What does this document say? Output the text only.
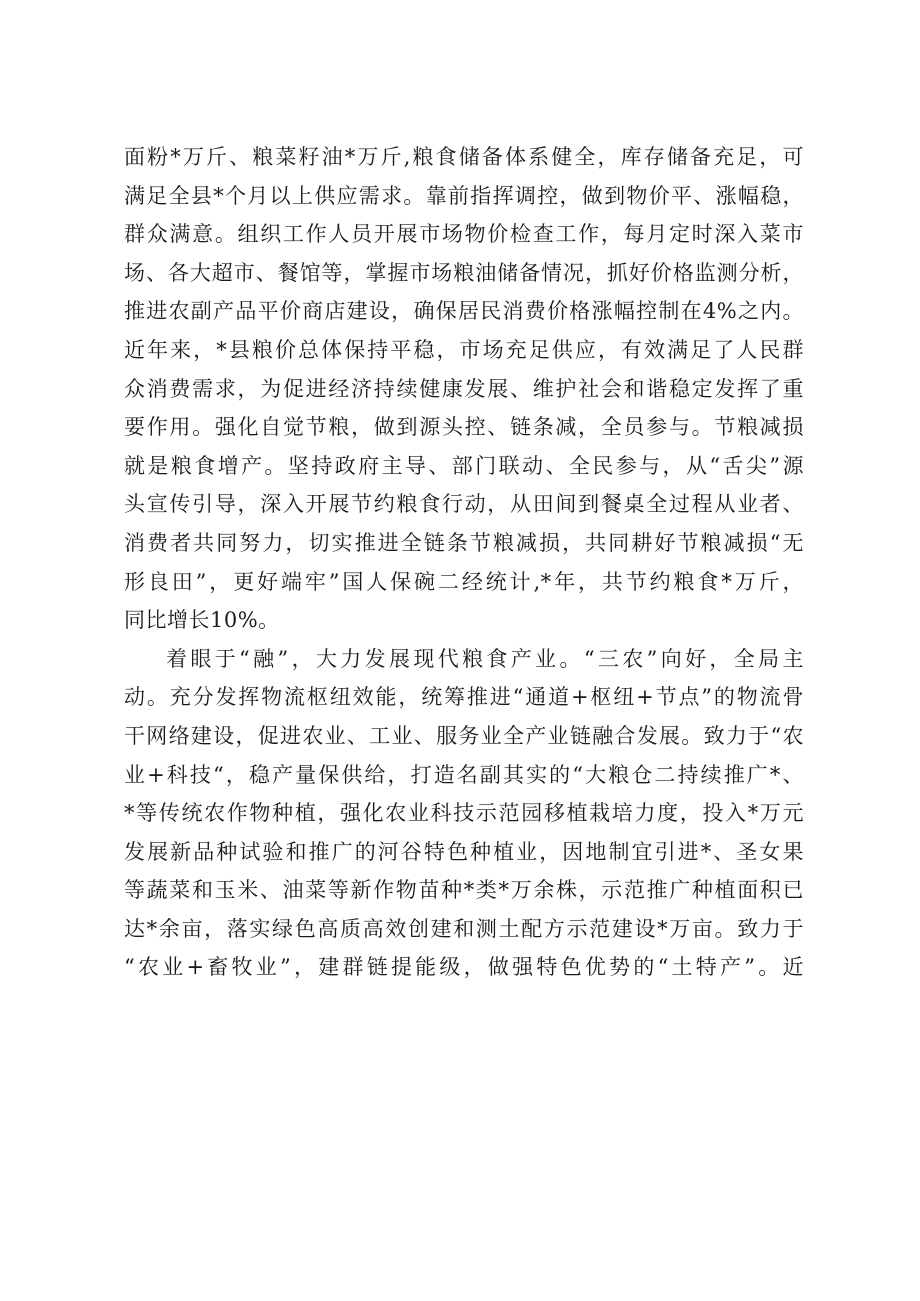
面粉*万斤、粮菜籽油*万斤,粮食储备体系健全，库存储备充足，可
满足全县*个月以上供应需求。靠前指挥调控，做到物价平、涨幅稳，
群众满意。组织工作人员开展市场物价检查工作，每月定时深入菜市
场、各大超市、餐馆等，掌握市场粮油储备情况，抓好价格监测分析，
推进农副产品平价商店建设，确保居民消费价格涨幅控制在4%之内。
近年来，*县粮价总体保持平稳，市场充足供应，有效满足了人民群
众消费需求，为促进经济持续健康发展、维护社会和谐稳定发挥了重
要作用。强化自觉节粮，做到源头控、链条减，全员参与。节粮减损
就是粮食增产。坚持政府主导、部门联动、全民参与，从“舌尖”源
头宣传引导，深入开展节约粮食行动，从田间到餐桌全过程从业者、
消费者共同努力，切实推进全链条节粮减损，共同耕好节粮减损“无
形良田”，更好端牢”国人保碗二经统计,*年，共节约粮食*万斤，
同比增长10%。
着眼于“融”，大力发展现代粮食产业。“三农”向好，全局主
动。充分发挥物流枢纽效能，统筹推进“通道+枢纽+节点”的物流骨
干网络建设，促进农业、工业、服务业全产业链融合发展。致力于“农
业+科技“，稳产量保供给，打造名副其实的“大粮仓二持续推广*、
*等传统农作物种植，强化农业科技示范园移植栽培力度，投入*万元
发展新品种试验和推广的河谷特色种植业，因地制宜引进*、圣女果
等蔬菜和玉米、油菜等新作物苗种*类*万余株，示范推广种植面积已
达*余亩，落实绿色高质高效创建和测土配方示范建设*万亩。致力于
“农业+畜牧业”，建群链提能级，做强特色优势的“土特产”。近
